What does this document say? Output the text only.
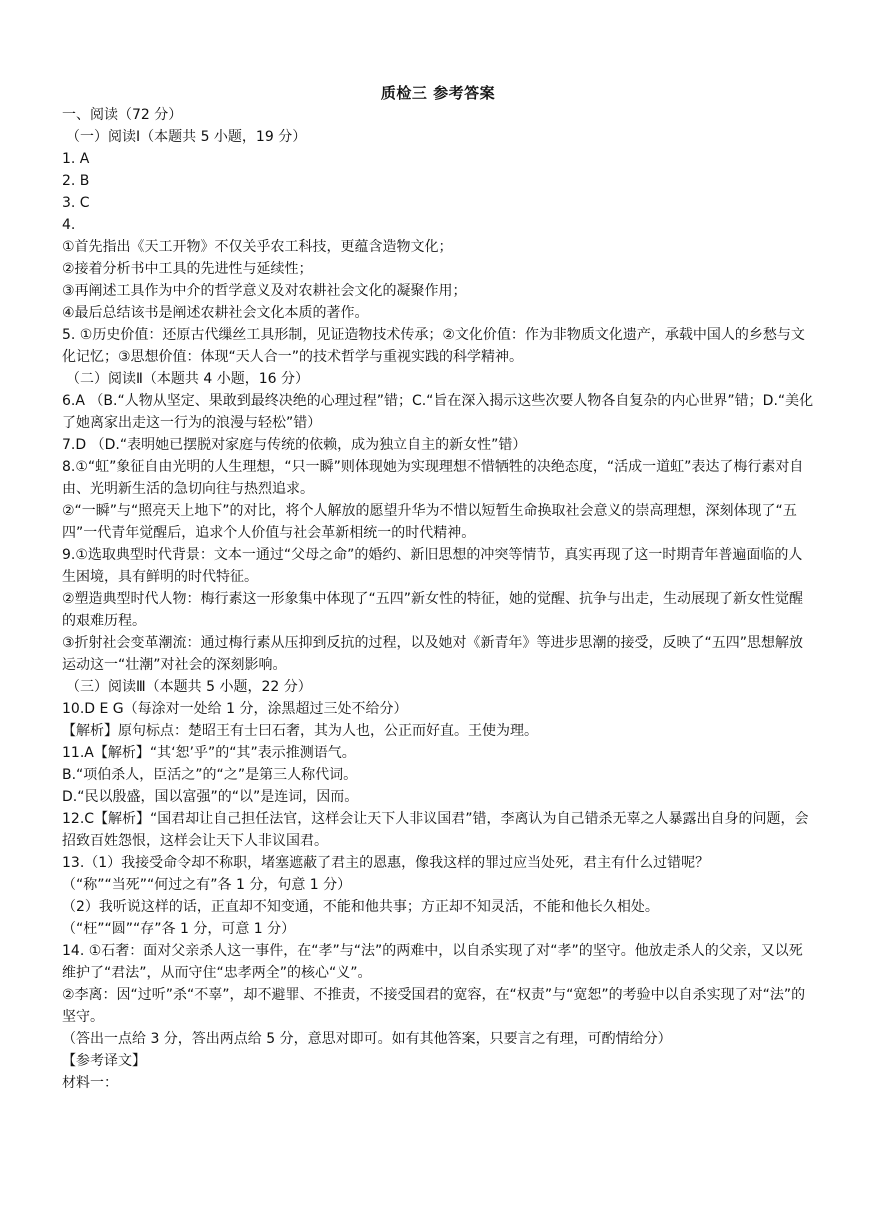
质检三 参考答案
一、阅读（72 分）
（一）阅读Ⅰ（本题共 5 小题，19 分）
1. A
2. B
3. C
4.
①首先指出《天工开物》不仅关乎农工科技，更蕴含造物文化；
②接着分析书中工具的先进性与延续性；
③再阐述工具作为中介的哲学意义及对农耕社会文化的凝聚作用；
④最后总结该书是阐述农耕社会文化本质的著作。
5. ①历史价值：还原古代缫丝工具形制，见证造物技术传承；②文化价值：作为非物质文化遗产，承载中国人的乡愁与文化记忆；③思想价值：体现“天人合一”的技术哲学与重视实践的科学精神。
（二）阅读Ⅱ（本题共 4 小题，16 分）
6.A （B.“人物从坚定、果敢到最终决绝的心理过程”错；C.“旨在深入揭示这些次要人物各自复杂的内心世界”错；D.“美化了她离家出走这一行为的浪漫与轻松”错）
7.D （D.“表明她已摆脱对家庭与传统的依赖，成为独立自主的新女性”错）
8.①“虹”象征自由光明的人生理想，“只一瞬”则体现她为实现理想不惜牺牲的决绝态度，“活成一道虹”表达了梅行素对自由、光明新生活的急切向往与热烈追求。
②“一瞬”与“照亮天上地下”的对比，将个人解放的愿望升华为不惜以短暂生命换取社会意义的崇高理想，深刻体现了“五四”一代青年觉醒后，追求个人价值与社会革新相统一的时代精神。
9.①选取典型时代背景：文本一通过“父母之命”的婚约、新旧思想的冲突等情节，真实再现了这一时期青年普遍面临的人生困境，具有鲜明的时代特征。
②塑造典型时代人物：梅行素这一形象集中体现了“五四”新女性的特征，她的觉醒、抗争与出走，生动展现了新女性觉醒的艰难历程。
③折射社会变革潮流：通过梅行素从压抑到反抗的过程，以及她对《新青年》等进步思潮的接受，反映了“五四”思想解放运动这一“壮潮”对社会的深刻影响。
（三）阅读Ⅲ（本题共 5 小题，22 分）
10.D E G（每涂对一处给 1 分，涂黑超过三处不给分）
【解析】原句标点：楚昭王有士曰石奢，其为人也，公正而好直。王使为理。
11.A【解析】“其‘恕’乎”的“其”表示推测语气。
B.“项伯杀人，臣活之”的“之”是第三人称代词。
D.“民以殷盛，国以富强”的“以”是连词，因而。
12.C【解析】“国君却让自己担任法官，这样会让天下人非议国君”错，李离认为自己错杀无辜之人暴露出自身的问题，会招致百姓怨恨，这样会让天下人非议国君。
13.（1）我接受命令却不称职，堵塞遮蔽了君主的恩惠，像我这样的罪过应当处死，君主有什么过错呢？
（“称”“当死”“何过之有”各 1 分，句意 1 分）
（2）我听说这样的话，正直却不知变通，不能和他共事；方正却不知灵活，不能和他长久相处。
（“枉”“圆”“存”各 1 分，可意 1 分）
14. ①石奢：面对父亲杀人这一事件，在“孝”与“法”的两难中，以自杀实现了对“孝”的坚守。他放走杀人的父亲，又以死维护了“君法”，从而守住“忠孝两全”的核心“义”。
②李离：因“过听”杀“不辜”，却不避罪、不推责，不接受国君的宽容，在“权责”与“宽恕”的考验中以自杀实现了对“法”的坚守。
（答出一点给 3 分，答出两点给 5 分，意思对即可。如有其他答案，只要言之有理，可酌情给分）
【参考译文】
材料一：
